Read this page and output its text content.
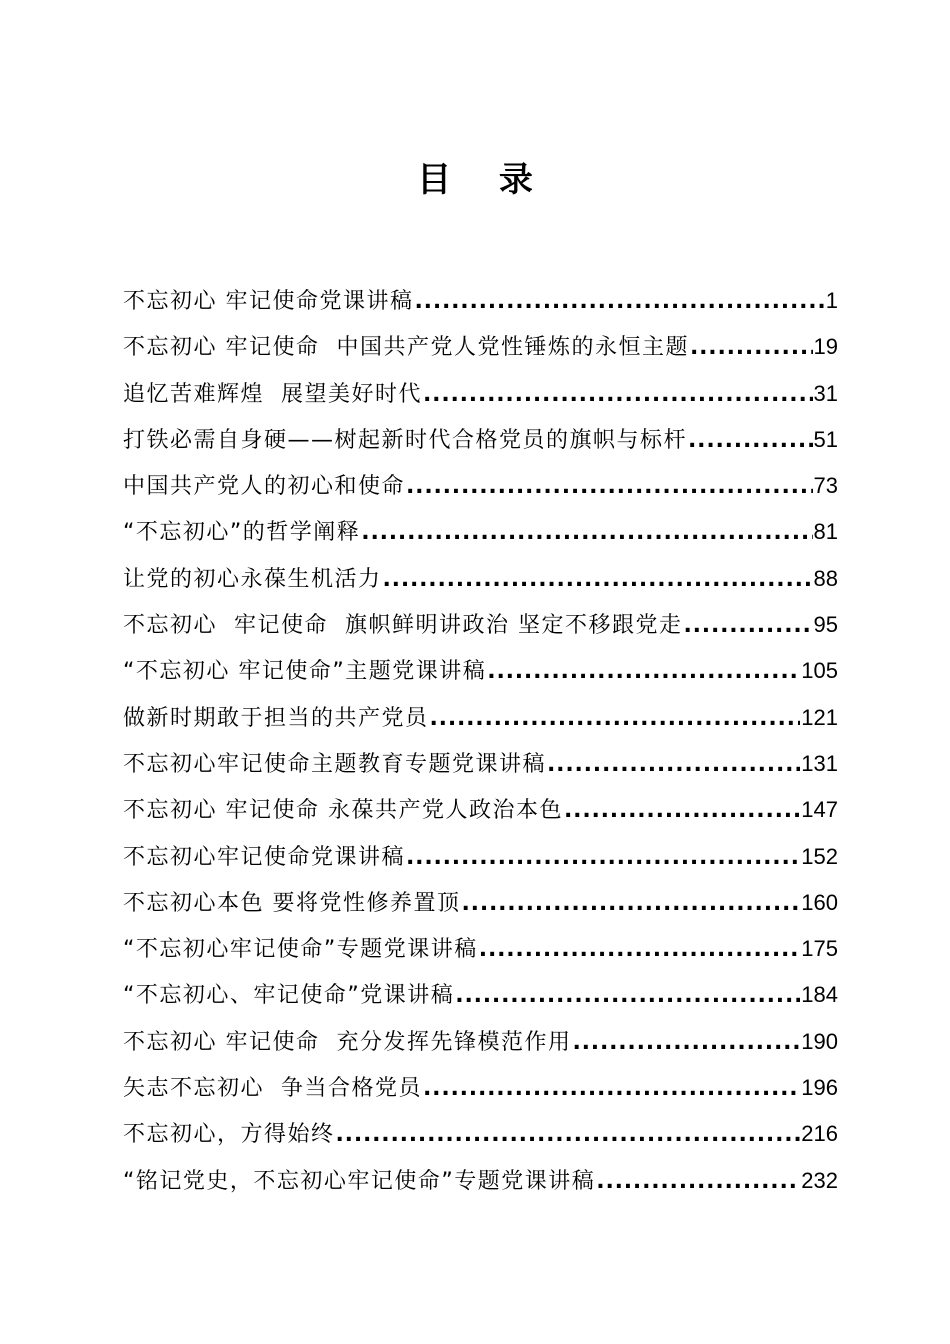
目 录
不忘初心 牢记使命党课讲稿 .....	1
不忘初心 牢记使命  中国共产党人党性锤炼的永恒主题 .....	19
追忆苦难辉煌  展望美好时代 .....	31
打铁必需自身硬——树起新时代合格党员的旗帜与标杆 .....	51
中国共产党人的初心和使命 .....	73
“不忘初心”的哲学阐释 .....	81
让党的初心永葆生机活力 .....	88
不忘初心  牢记使命  旗帜鲜明讲政治 坚定不移跟党走 .....	95
“不忘初心 牢记使命”主题党课讲稿 .....	105
做新时期敢于担当的共产党员 .....	121
不忘初心牢记使命主题教育专题党课讲稿 .....	131
不忘初心 牢记使命 永葆共产党人政治本色 .....	147
不忘初心牢记使命党课讲稿 .....	152
不忘初心本色 要将党性修养置顶 .....	160
“不忘初心牢记使命”专题党课讲稿 .....	175
“不忘初心、牢记使命”党课讲稿 .....	184
不忘初心 牢记使命  充分发挥先锋模范作用 .....	190
矢志不忘初心  争当合格党员 .....	196
不忘初心，方得始终 .....	216
“铭记党史，不忘初心牢记使命”专题党课讲稿 .....	232
